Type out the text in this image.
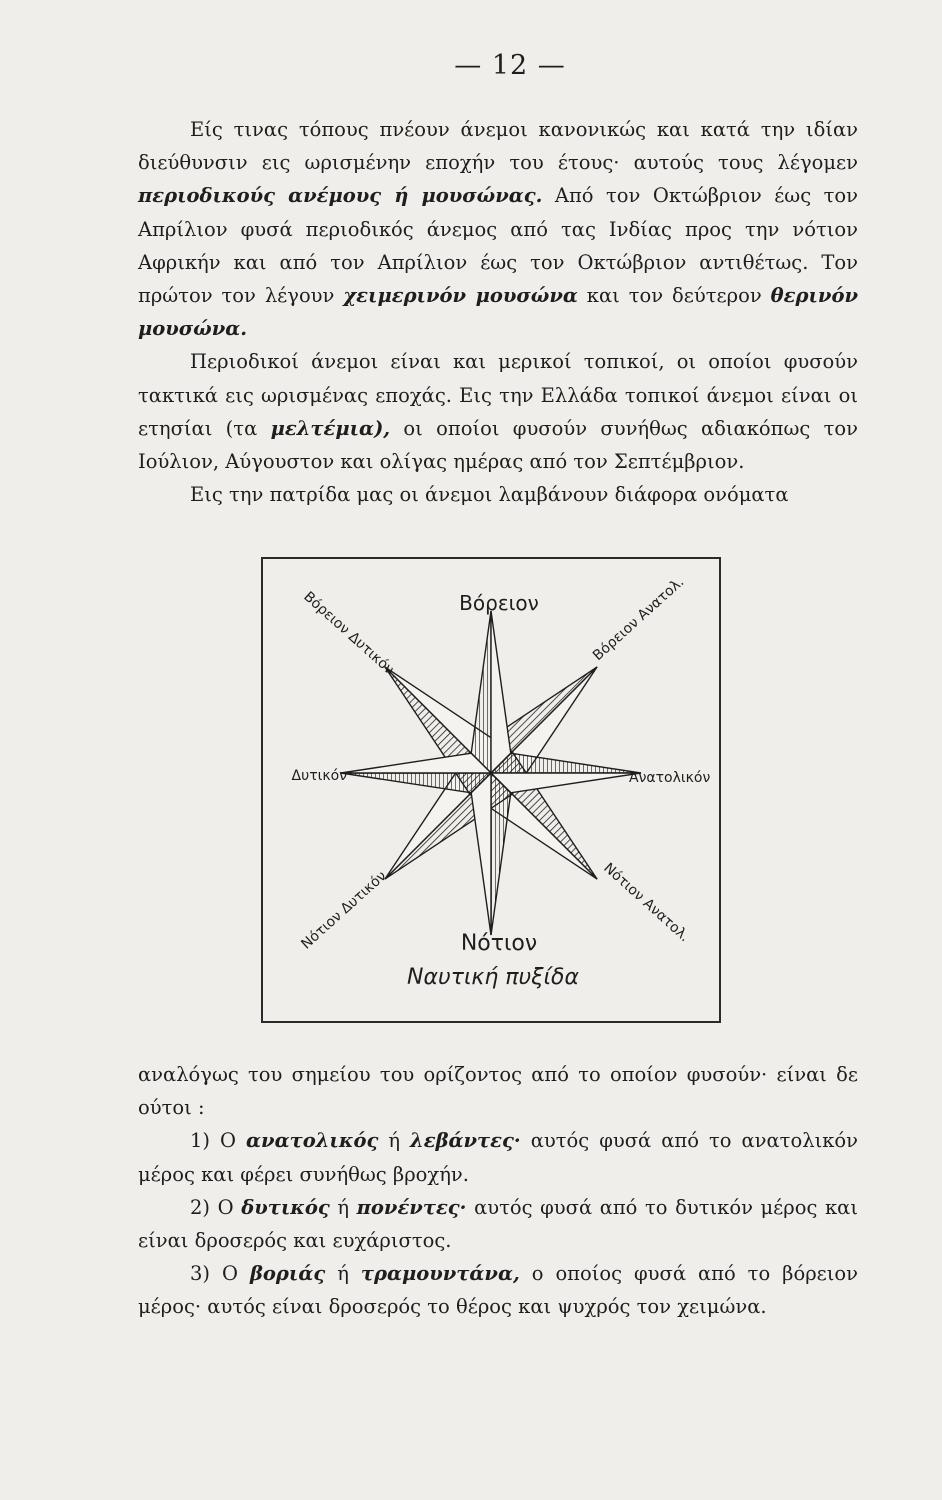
— 12 —

Είς τινας τόπους πνέουν άνεμοι κανονικώς και κατά την ιδίαν διεύθυνσιν εις ωρισμένην εποχήν του έτους· αυτούς τους λέγομεν περιοδικούς ανέμους ή μουσώνας. Από τον Οκτώβριον έως τον Απρίλιον φυσά περιοδικός άνεμος από τας Ινδίας προς την νότιον Αφρικήν και από τον Απρίλιον έως τον Οκτώβριον αντιθέτως. Τον πρώτον τον λέγουν χειμερινόν μουσώνα και τον δεύτερον θερινόν μουσώνα.

Περιοδικοί άνεμοι είναι και μερικοί τοπικοί, οι οποίοι φυσούν τακτικά εις ωρισμένας εποχάς. Εις την Ελλάδα τοπικοί άνεμοι είναι οι ετησίαι (τα μελτέμια), οι οποίοι φυσούν συνήθως αδιακόπως τον Ιούλιον, Αύγουστον και ολίγας ημέρας από τον Σεπτέμβριον.

Εις την πατρίδα μας οι άνεμοι λαμβάνουν διάφορα ονόματα

Βόρειον
Νότιον
Ανατολικόν
Δυτικόν
Βόρειον Ανατολ.
Βόρειον Δυτικόν
Νότιον Ανατολ.
Νότιον Δυτικόν
Ναυτική πυξίδα

αναλόγως του σημείου του ορίζοντος από το οποίον φυσούν· είναι δε ούτοι :

1) Ο ανατολικός ή λεβάντες· αυτός φυσά από το ανατολικόν μέρος και φέρει συνήθως βροχήν.

2) Ο δυτικός ή πονέντες· αυτός φυσά από το δυτικόν μέρος και είναι δροσερός και ευχάριστος.

3) Ο βοριάς ή τραμουντάνα, ο οποίος φυσά από το βόρειον μέρος· αυτός είναι δροσερός το θέρος και ψυχρός τον χειμώνα.
